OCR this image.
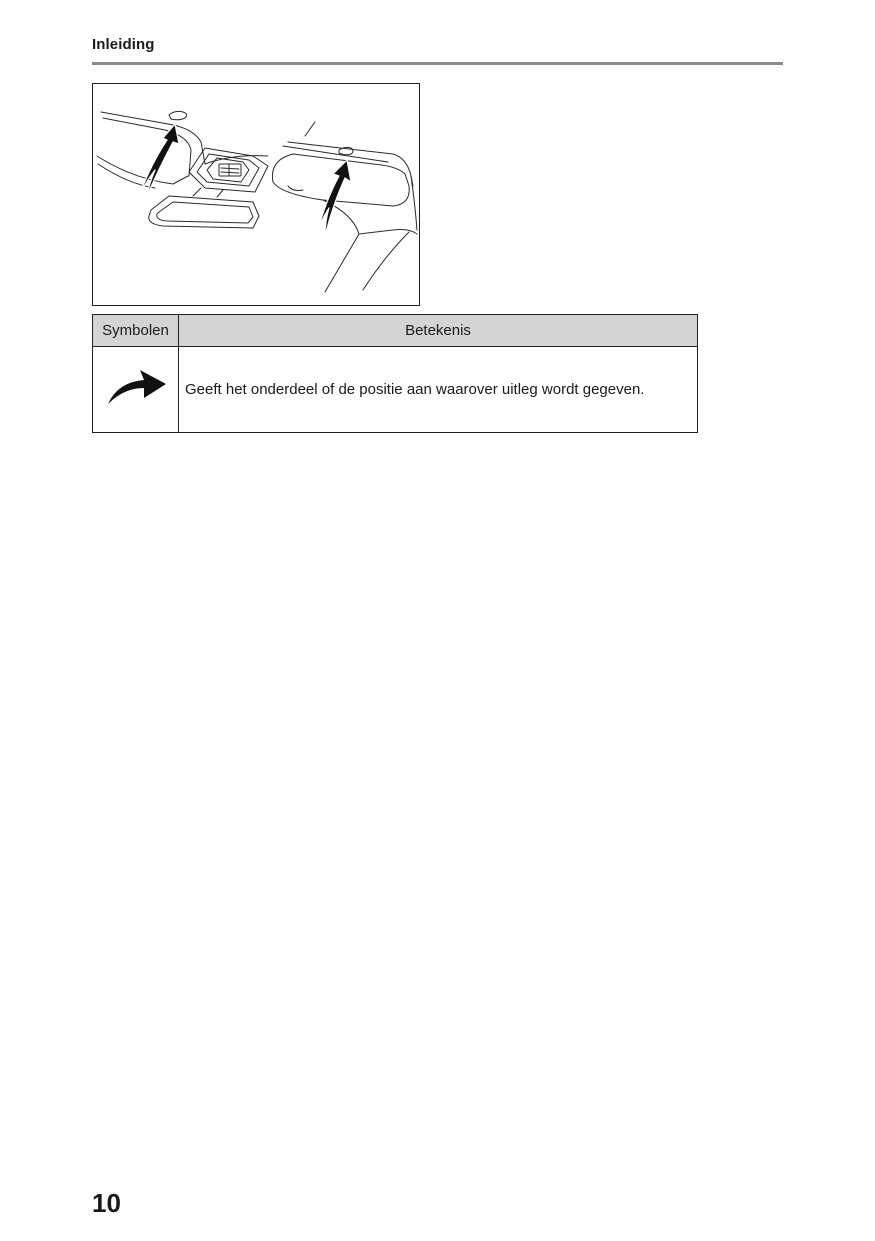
Inleiding
Symbolen	Betekenis
	Geeft het onderdeel of de positie aan waarover uitleg wordt gegeven.
10
